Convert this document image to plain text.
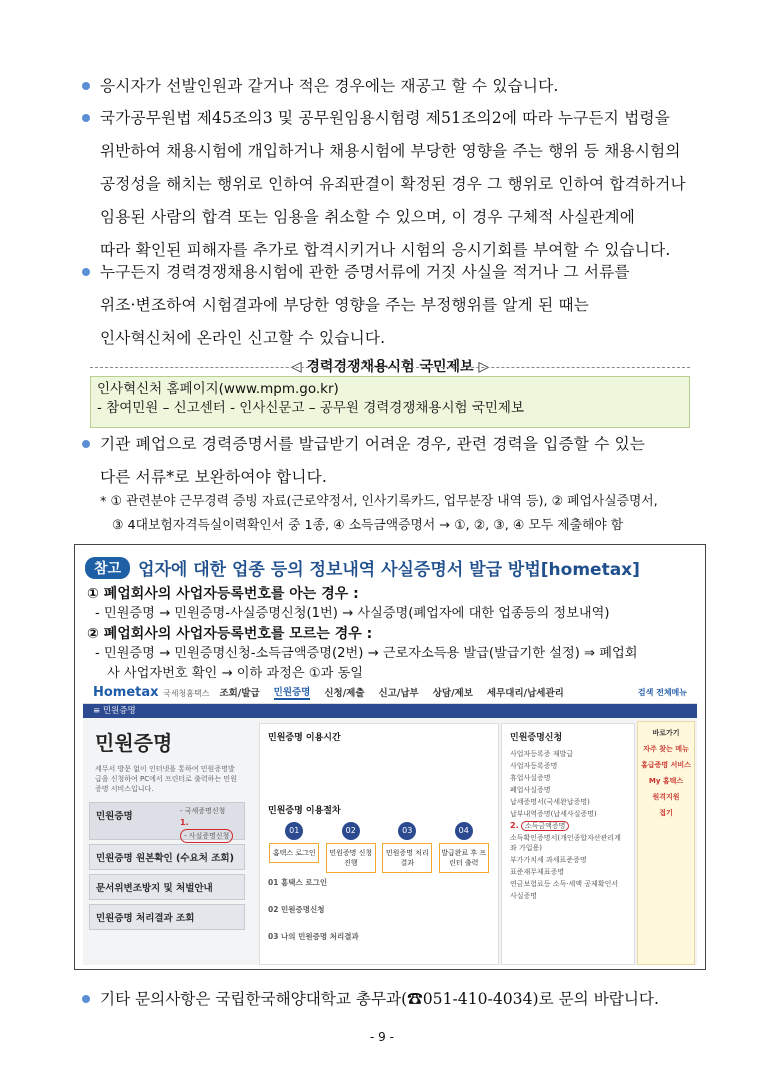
응시자가 선발인원과 같거나 적은 경우에는 재공고 할 수 있습니다.

국가공무원법 제45조의3 및 공무원임용시험령 제51조의2에 따라 누구든지 법령을

위반하여 채용시험에 개입하거나 채용시험에 부당한 영향을 주는 행위 등 채용시험의

공정성을 해치는 행위로 인하여 유죄판결이 확정된 경우 그 행위로 인하여 합격하거나

임용된 사람의 합격 또는 임용을 취소할 수 있으며, 이 경우 구체적 사실관계에

따라 확인된 피해자를 추가로 합격시키거나 시험의 응시기회를 부여할 수 있습니다.

누구든지 경력경쟁채용시험에 관한 증명서류에 거짓 사실을 적거나 그 서류를

위조·변조하여 시험결과에 부당한 영향을 주는 부정행위를 알게 된 때는

인사혁신처에 온라인 신고할 수 있습니다.

◁ 경력경쟁채용시험 국민제보 ▷
인사혁신처 홈페이지(www.mpm.go.kr)
- 참여민원 – 신고센터 - 인사신문고 – 공무원 경력경쟁채용시험 국민제보

기관 폐업으로 경력증명서를 발급받기 어려운 경우, 관련 경력을 입증할 수 있는

다른 서류*로 보완하여야 합니다.

* ① 관련분야 근무경력 증빙 자료(근로약정서, 인사기록카드, 업무분장 내역 등), ② 폐업사실증명서,

③ 4대보험자격득실이력확인서 중 1종, ④ 소득금액증명서 → ①, ②, ③, ④ 모두 제출해야 함

참고	업자에 대한 업종 등의 정보내역 사실증명서 발급 방법[hometax]

① 폐업회사의 사업자등록번호를 아는 경우 :

- 민원증명 → 민원증명-사실증명신청(1번) → 사실증명(폐업자에 대한 업종등의 정보내역)

② 폐업회사의 사업자등록번호를 모르는 경우 :

- 민원증명 → 민원증명신청-소득금액증명(2번) → 근로자소득용 발급(발급기한 설정) ⇒ 폐업회

사 사업자번호 확인 → 이하 과정은 ①과 동일

Hometax 국세청홈택스 조회/발급 민원증명 신청/제출 신고/납부 상담/제보 세무대리/납세관리	검색 전체메뉴
≡ 민원증명
민원증명
세무서 방문 없이 인터넷을 통하여 민원증명발급을 신청하여 PC에서 프린터로 출력하는 민원증명 서비스입니다.
민원증명	- 국세증명신청
1.
- 사실증명신청
민원증명 원본확인 (수요처 조회)
문서위변조방지 및 처벌안내
민원증명 처리결과 조회
민원증명 이용시간
민원증명 이용절차
01
홈택스 로그인
02
민원증명 신청진행
03
민원증명 처리결과
04
발급완료 후 프린터 출력
01 홈택스 로그인
02 민원증명신청
03 나의 민원증명 처리결과
민원증명신청
사업자등록증 재발급
사업자등록증명
휴업사실증명
폐업사실증명
납세증명서(국세완납증명)
납부내역증명(납세사실증명)
2. 소득금액증명
소득확인증명서(개인종합자산관리계좌 가입용)
부가가치세 과세표준증명
표준재무제표증명
연금보험료등 소득·세액 공제확인서
사실증명
바로가기
자주 찾는 메뉴
홈급증명 서비스
My 홈택스
원격지원
접기

기타 문의사항은 국립한국해양대학교 총무과(☎051-410-4034)로 문의 바랍니다.

- 9 -
